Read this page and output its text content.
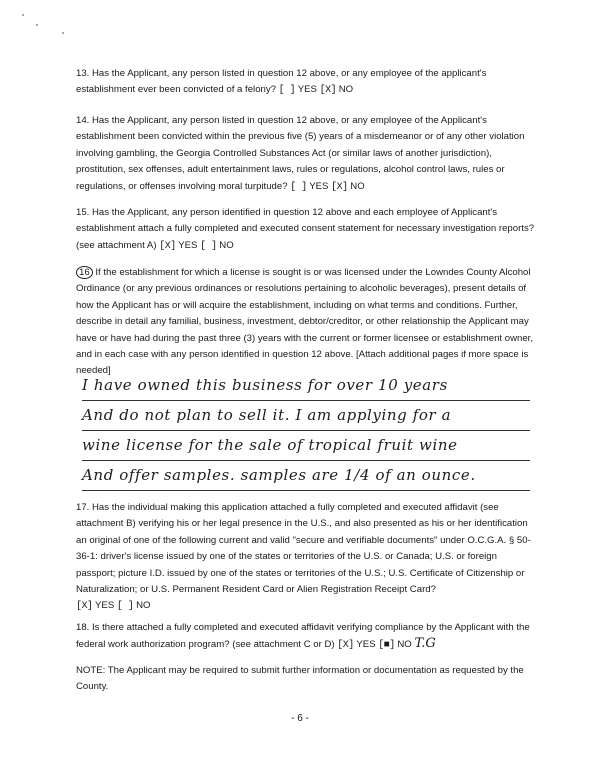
13. Has the Applicant, any person listed in question 12 above, or any employee of the applicant's establishment ever been convicted of a felony? [ ] YES [X] NO

14. Has the Applicant, any person listed in question 12 above, or any employee of the Applicant's establishment been convicted within the previous five (5) years of a misdemeanor or of any other violation involving gambling, the Georgia Controlled Substances Act (or similar laws of another jurisdiction), prostitution, sex offenses, adult entertainment laws, rules or regulations, alcohol control laws, rules or regulations, or offenses involving moral turpitude? [ ] YES [X] NO

15. Has the Applicant, any person identified in question 12 above and each employee of Applicant's establishment attach a fully completed and executed consent statement for necessary investigation reports? (see attachment A) [X] YES [ ] NO

16 If the establishment for which a license is sought is or was licensed under the Lowndes County Alcohol Ordinance (or any previous ordinances or resolutions pertaining to alcoholic beverages), present details of how the Applicant has or will acquire the establishment, including on what terms and conditions. Further, describe in detail any familial, business, investment, debtor/creditor, or other relationship the Applicant may have or have had during the past three (3) years with the current or former licensee or establishment owner, and in each case with any person identified in question 12 above. [Attach additional pages if more space is needed]

I have owned this business for over 10 years
And do not plan to sell it. I am applying for a
wine license for the sale of tropical fruit wine
And offer samples. samples are 1/4 of an ounce.

17. Has the individual making this application attached a fully completed and executed affidavit (see attachment B) verifying his or her legal presence in the U.S., and also presented as his or her identification an original of one of the following current and valid "secure and verifiable documents" under O.C.G.A. § 50-36-1: driver's license issued by one of the states or territories of the U.S. or Canada; U.S. or foreign passport; picture I.D. issued by one of the states or territories of the U.S.; U.S. Certificate of Citizenship or Naturalization; or U.S. Permanent Resident Card or Alien Registration Receipt Card?
[X] YES [ ] NO

18. Is there attached a fully completed and executed affidavit verifying compliance by the Applicant with the federal work authorization program? (see attachment C or D) [X] YES [■] NO T.G

NOTE: The Applicant may be required to submit further information or documentation as requested by the County.

- 6 -
